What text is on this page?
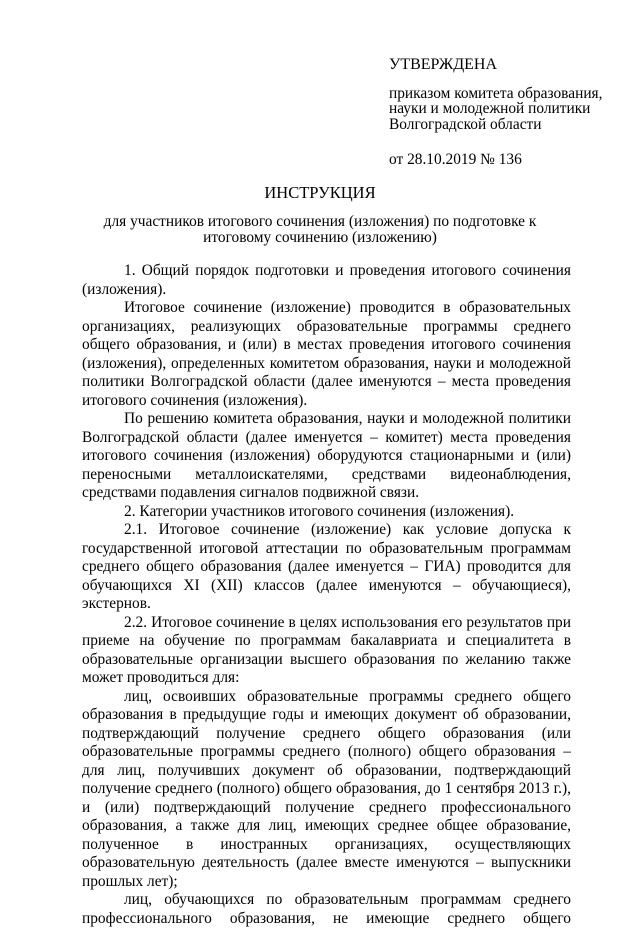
УТВЕРЖДЕНА
приказом комитета образования, науки и молодежной политики Волгоградской области
от 28.10.2019 № 136
ИНСТРУКЦИЯ
для участников итогового сочинения (изложения) по подготовке к итоговому сочинению (изложению)

1. Общий порядок подготовки и проведения итогового сочинения (изложения).

Итоговое сочинение (изложение) проводится в образовательных организациях, реализующих образовательные программы среднего общего образования, и (или) в местах проведения итогового сочинения (изложения), определенных комитетом образования, науки и молодежной политики Волгоградской области (далее именуются – места проведения итогового сочинения (изложения).

По решению комитета образования, науки и молодежной политики Волгоградской области (далее именуется – комитет) места проведения итогового сочинения (изложения) оборудуются стационарными и (или) переносными металлоискателями, средствами видеонаблюдения, средствами подавления сигналов подвижной связи.

2. Категории участников итогового сочинения (изложения).

2.1. Итоговое сочинение (изложение) как условие допуска к государственной итоговой аттестации по образовательным программам среднего общего образования (далее именуется – ГИА) проводится для обучающихся XI (XII) классов (далее именуются – обучающиеся), экстернов.

2.2. Итоговое сочинение в целях использования его результатов при приеме на обучение по программам бакалавриата и специалитета в образовательные организации высшего образования по желанию также может проводиться для:

лиц, освоивших образовательные программы среднего общего образования в предыдущие годы и имеющих документ об образовании, подтверждающий получение среднего общего образования (или образовательные программы среднего (полного) общего образования – для лиц, получивших документ об образовании, подтверждающий получение среднего (полного) общего образования, до 1 сентября 2013 г.), и (или) подтверждающий получение среднего профессионального образования, а также для лиц, имеющих среднее общее образование, полученное в иностранных организациях, осуществляющих образовательную деятельность (далее вместе именуются – выпускники прошлых лет);

лиц, обучающихся по образовательным программам среднего профессионального образования, не имеющие среднего общего
